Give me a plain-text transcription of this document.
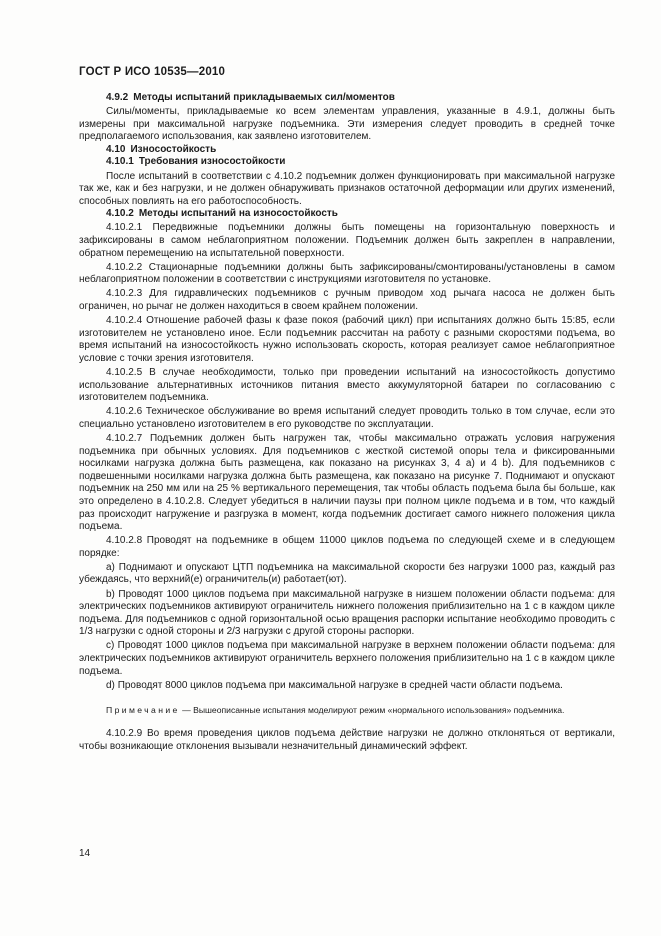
ГОСТ Р ИСО 10535—2010

4.9.2 Методы испытаний прикладываемых сил/моментов

Силы/моменты, прикладываемые ко всем элементам управления, указанные в 4.9.1, должны быть измерены при максимальной нагрузке подъемника. Эти измерения следует проводить в средней точке предполагаемого использования, как заявлено изготовителем.

4.10 Износостойкость

4.10.1 Требования износостойкости

После испытаний в соответствии с 4.10.2 подъемник должен функционировать при максимальной нагрузке так же, как и без нагрузки, и не должен обнаруживать признаков остаточной деформации или других изменений, способных повлиять на его работоспособность.

4.10.2 Методы испытаний на износостойкость

4.10.2.1 Передвижные подъемники должны быть помещены на горизонтальную поверхность и зафиксированы в самом неблагоприятном положении. Подъемник должен быть закреплен в направлении, обратном перемещению на испытательной поверхности.

4.10.2.2 Стационарные подъемники должны быть зафиксированы/смонтированы/установлены в самом неблагоприятном положении в соответствии с инструкциями изготовителя по установке.

4.10.2.3 Для гидравлических подъемников с ручным приводом ход рычага насоса не должен быть ограничен, но рычаг не должен находиться в своем крайнем положении.

4.10.2.4 Отношение рабочей фазы к фазе покоя (рабочий цикл) при испытаниях должно быть 15:85, если изготовителем не установлено иное. Если подъемник рассчитан на работу с разными скоростями подъема, во время испытаний на износостойкость нужно использовать скорость, которая реализует самое неблагоприятное условие с точки зрения изготовителя.

4.10.2.5 В случае необходимости, только при проведении испытаний на износостойкость допустимо использование альтернативных источников питания вместо аккумуляторной батареи по согласованию с изготовителем подъемника.

4.10.2.6 Техническое обслуживание во время испытаний следует проводить только в том случае, если это специально установлено изготовителем в его руководстве по эксплуатации.

4.10.2.7 Подъемник должен быть нагружен так, чтобы максимально отражать условия нагружения подъемника при обычных условиях. Для подъемников с жесткой системой опоры тела и фиксированными носилками нагрузка должна быть размещена, как показано на рисунках 3, 4 а) и 4 b). Для подъемников с подвешенными носилками нагрузка должна быть размещена, как показано на рисунке 7. Поднимают и опускают подъемник на 250 мм или на 25 % вертикального перемещения, так чтобы область подъема была бы больше, как это определено в 4.10.2.8. Следует убедиться в наличии паузы при полном цикле подъема и в том, что каждый раз происходит нагружение и разгрузка в момент, когда подъемник достигает самого нижнего положения цикла подъема.

4.10.2.8 Проводят на подъемнике в общем 11000 циклов подъема по следующей схеме и в следующем порядке:

a) Поднимают и опускают ЦТП подъемника на максимальной скорости без нагрузки 1000 раз, каждый раз убеждаясь, что верхний(е) ограничитель(и) работает(ют).

b) Проводят 1000 циклов подъема при максимальной нагрузке в низшем положении области подъема: для электрических подъемников активируют ограничитель нижнего положения приблизительно на 1 с в каждом цикле подъема. Для подъемников с одной горизонтальной осью вращения распорки испытание необходимо проводить с 1/3 нагрузки с одной стороны и 2/3 нагрузки с другой стороны распорки.

c) Проводят 1000 циклов подъема при максимальной нагрузке в верхнем положении области подъема: для электрических подъемников активируют ограничитель верхнего положения приблизительно на 1 с в каждом цикле подъема.

d) Проводят 8000 циклов подъема при максимальной нагрузке в средней части области подъема.

Примечание — Вышеописанные испытания моделируют режим «нормального использования» подъемника.

4.10.2.9 Во время проведения циклов подъема действие нагрузки не должно отклоняться от вертикали, чтобы возникающие отклонения вызывали незначительный динамический эффект.

14
